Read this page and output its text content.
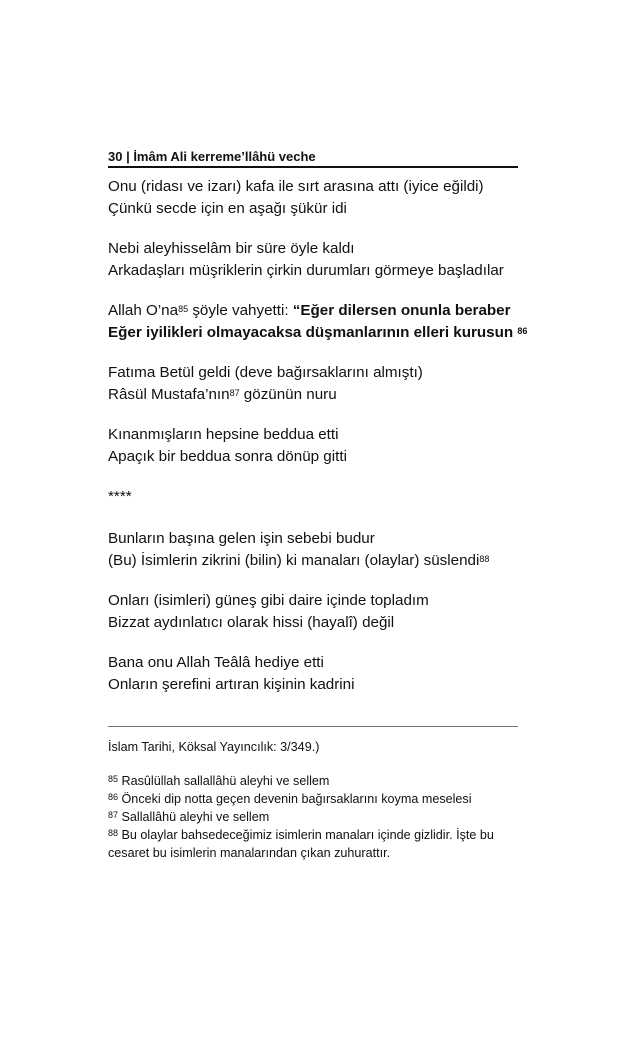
30 | İmâm Ali kerreme’llâhü veche
Onu (ridası ve izarı) kafa ile sırt arasına attı (iyice eğildi)
Çünkü secde için en aşağı şükür idi
Nebi aleyhisselâm bir süre öyle kaldı
Arkadaşları müşriklerin çirkin durumları görmeye başladılar
Allah $O’na^{85}$ şöyle vahyetti: “Eğer dilersen onunla beraber
Eğer iyilikleri olmayacaksa düşmanlarının elleri kurusun $^{86}$
Fatıma Betül geldi (deve bağırsaklarını almıştı)
Râsül Mustafa’nın$^{87}$ gözünün nuru
Kınanmışların hepsine beddua etti
Apaçık bir beddua sonra dönüp gitti
****
Bunların başına gelen işin sebebi budur
(Bu) İsimlerin zikrini (bilin) ki manaları (olaylar) süslendi$^{88}$
Onları (isimleri) güneş gibi daire içinde topladım
Bizzat aydınlatıcı olarak hissi (hayalî) değil
Bana onu Allah Teâlâ hediye etti
Onların şerefini artıran kişinin kadrini
İslam Tarihi, Köksal Yayıncılık: 3/349.)
$^{85}$ Rasûlüllah sallallâhü aleyhi ve sellem
$^{86}$ Önceki dip notta geçen devenin bağırsaklarını koyma meselesi
$^{87}$ Sallallâhü aleyhi ve sellem
$^{88}$ Bu olaylar bahsedeceğimiz isimlerin manaları içinde gizlidir. İşte bu cesaret bu isimlerin manalarından çıkan zuhurattır.
